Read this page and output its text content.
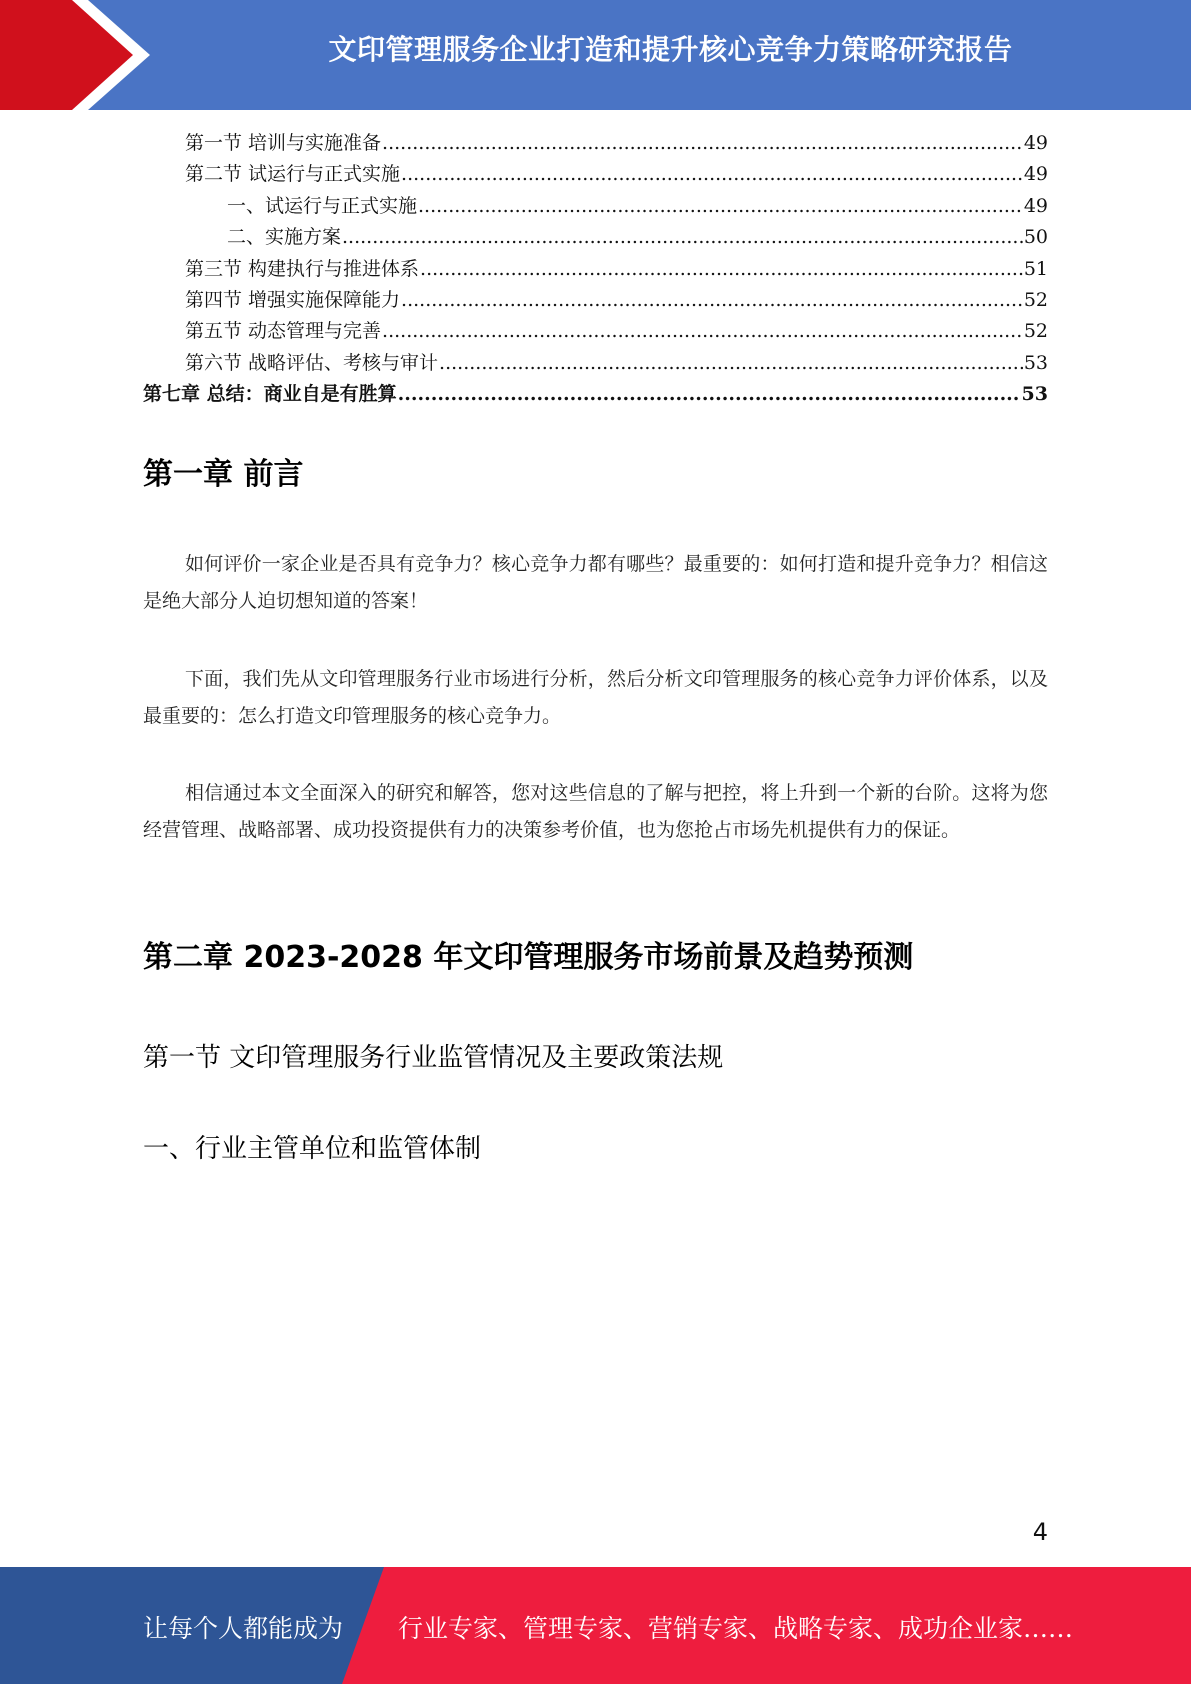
文印管理服务企业打造和提升核心竞争力策略研究报告
第一节 培训与实施准备 .....	49
第二节 试运行与正式实施 .....	49
一、试运行与正式实施 .....	49
二、实施方案 .....	50
第三节 构建执行与推进体系 .....	51
第四节 增强实施保障能力 .....	52
第五节 动态管理与完善 .....	52
第六节 战略评估、考核与审计 .....	53
第七章 总结：商业自是有胜算 .....	53
第一章 前言

如何评价一家企业是否具有竞争力？核心竞争力都有哪些？最重要的：如何打造和提升竞争力？相信这是绝大部分人迫切想知道的答案！

下面，我们先从文印管理服务行业市场进行分析，然后分析文印管理服务的核心竞争力评价体系，以及最重要的：怎么打造文印管理服务的核心竞争力。

相信通过本文全面深入的研究和解答，您对这些信息的了解与把控，将上升到一个新的台阶。这将为您经营管理、战略部署、成功投资提供有力的决策参考价值，也为您抢占市场先机提供有力的保证。

第二章 2023-2028 年文印管理服务市场前景及趋势预测
第一节 文印管理服务行业监管情况及主要政策法规
一、行业主管单位和监管体制
4
让每个人都能成为 行业专家、管理专家、营销专家、战略专家、成功企业家……
